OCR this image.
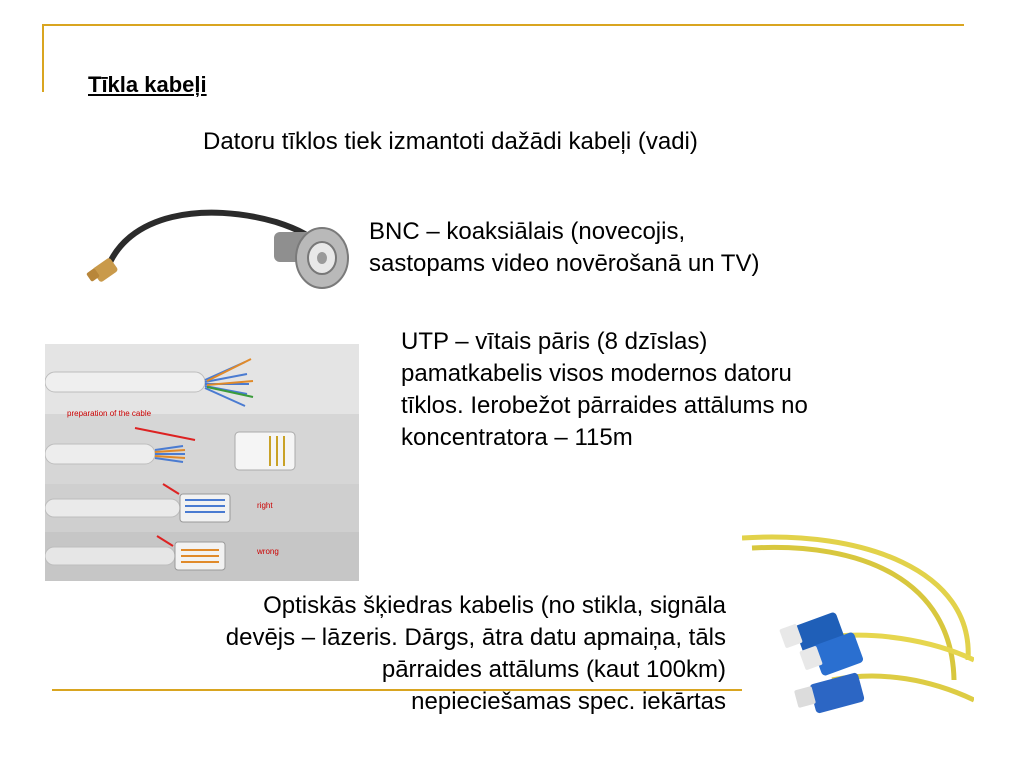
Tīkla kabeļi
Datoru tīklos tiek izmantoti dažādi kabeļi (vadi)
BNC – koaksiālais (novecojis,
sastopams video novērošanā un TV)
preparation of the cable
right
wrong
UTP – vītais pāris (8 dzīslas)
pamatkabelis visos modernos datoru
tīklos. Ierobežot pārraides attālums no
koncentratora – 115m
Optiskās šķiedras kabelis (no stikla, signāla
devējs – lāzeris. Dārgs, ātra datu apmaiņa, tāls
pārraides attālums (kaut 100km)
nepieciešamas spec. iekārtas
